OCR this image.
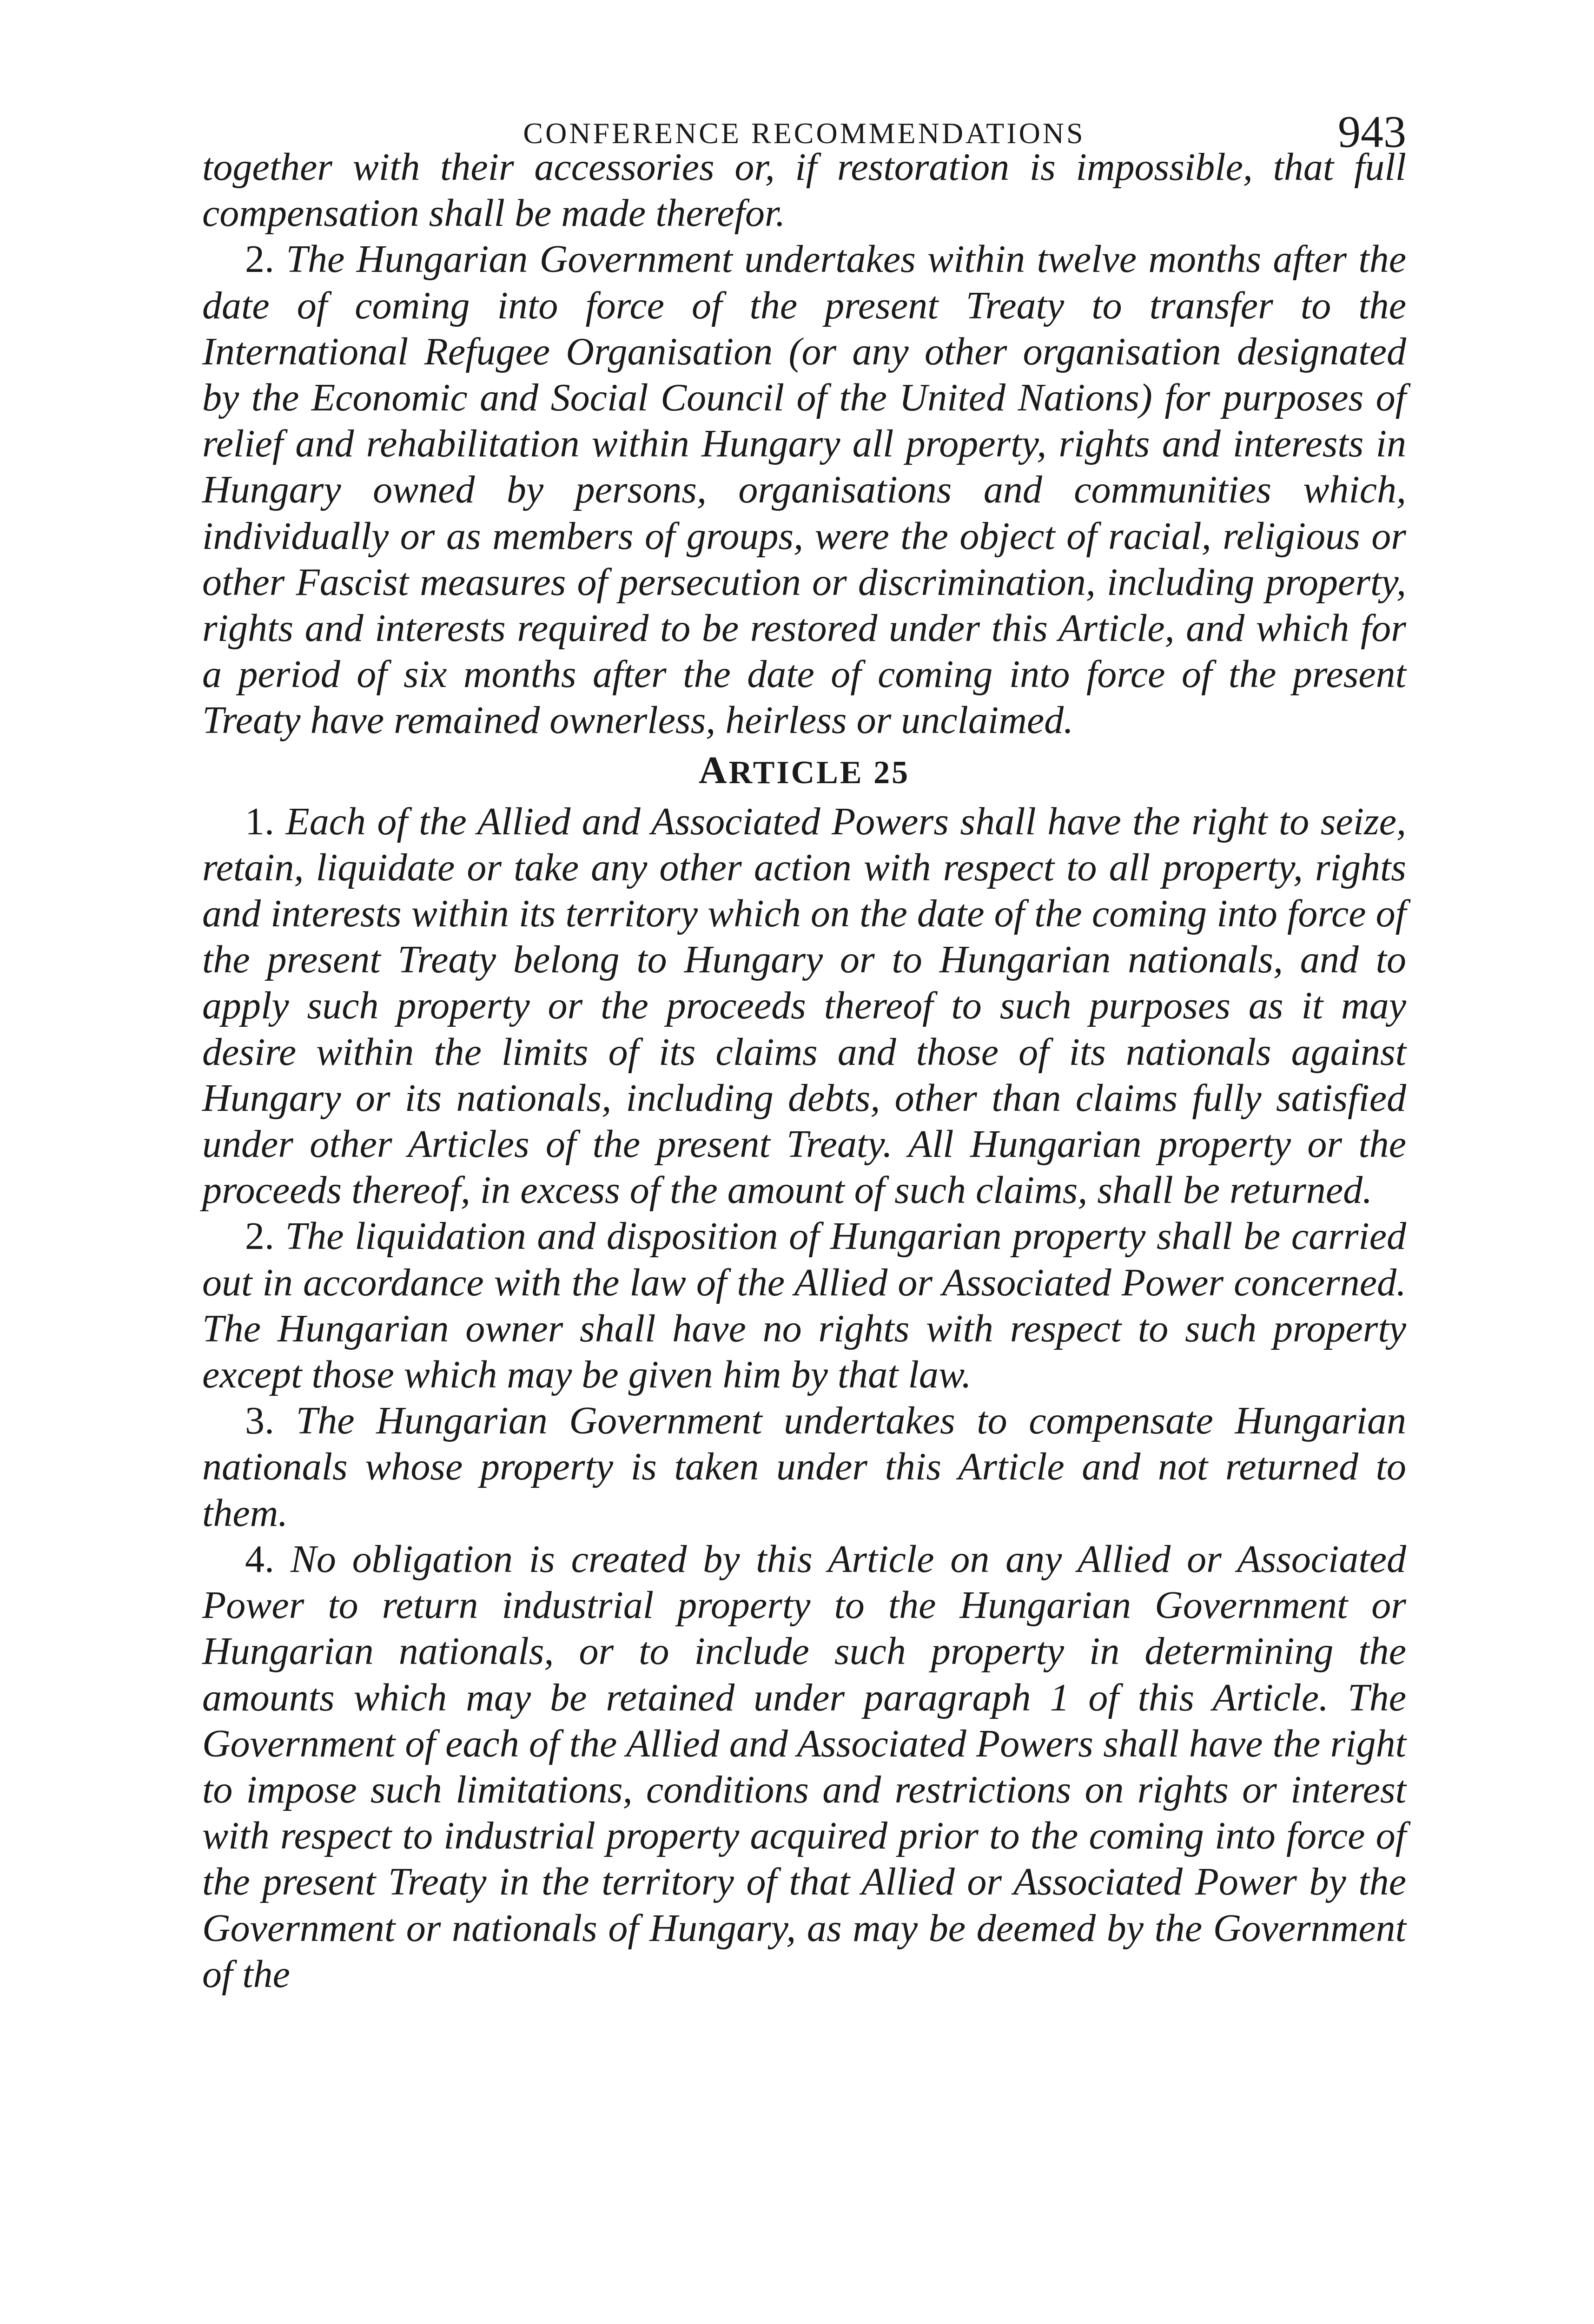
CONFERENCE RECOMMENDATIONS	943

together with their accessories or, if restoration is impossible, that full compensation shall be made therefor.

2. The Hungarian Government undertakes within twelve months after the date of coming into force of the present Treaty to transfer to the International Refugee Organisation (or any other organisation designated by the Economic and Social Council of the United Nations) for purposes of relief and rehabilitation within Hungary all property, rights and interests in Hungary owned by persons, organisations and communities which, individually or as members of groups, were the object of racial, religious or other Fascist measures of persecution or discrimination, including property, rights and interests required to be restored under this Article, and which for a period of six months after the date of coming into force of the present Treaty have remained ownerless, heirless or unclaimed.

ARTICLE 25

1. Each of the Allied and Associated Powers shall have the right to seize, retain, liquidate or take any other action with respect to all property, rights and interests within its territory which on the date of the coming into force of the present Treaty belong to Hungary or to Hungarian nationals, and to apply such property or the proceeds thereof to such purposes as it may desire within the limits of its claims and those of its nationals against Hungary or its nationals, including debts, other than claims fully satisfied under other Articles of the present Treaty. All Hungarian property or the proceeds thereof, in excess of the amount of such claims, shall be returned.

2. The liquidation and disposition of Hungarian property shall be carried out in accordance with the law of the Allied or Associated Power concerned. The Hungarian owner shall have no rights with respect to such property except those which may be given him by that law.

3. The Hungarian Government undertakes to compensate Hungarian nationals whose property is taken under this Article and not returned to them.

4. No obligation is created by this Article on any Allied or Associated Power to return industrial property to the Hungarian Government or Hungarian nationals, or to include such property in determining the amounts which may be retained under paragraph 1 of this Article. The Government of each of the Allied and Associated Powers shall have the right to impose such limitations, conditions and restrictions on rights or interest with respect to industrial property acquired prior to the coming into force of the present Treaty in the territory of that Allied or Associated Power by the Government or nationals of Hungary, as may be deemed by the Government of the
